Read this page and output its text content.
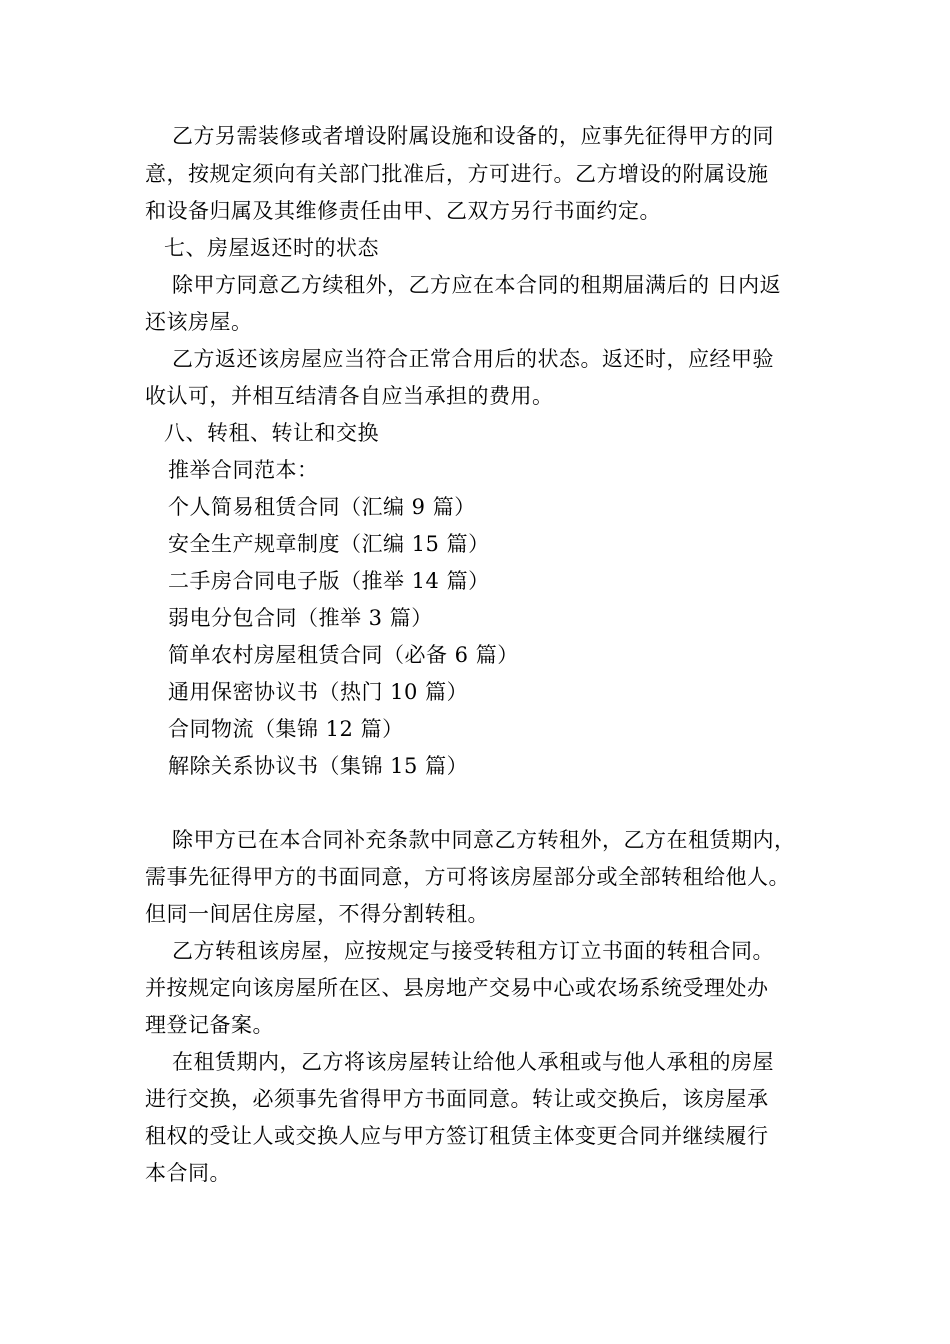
乙方另需装修或者增设附属设施和设备的，应事先征得甲方的同
意，按规定须向有关部门批准后，方可进行。乙方增设的附属设施
和设备归属及其维修责任由甲、乙双方另行书面约定。
七、房屋返还时的状态
除甲方同意乙方续租外，乙方应在本合同的租期届满后的 日内返
还该房屋。
乙方返还该房屋应当符合正常合用后的状态。返还时，应经甲验
收认可，并相互结清各自应当承担的费用。
八、转租、转让和交换
推举合同范本：
个人简易租赁合同（汇编 9 篇）
安全生产规章制度（汇编 15 篇）
二手房合同电子版（推举 14 篇）
弱电分包合同（推举 3 篇）
简单农村房屋租赁合同（必备 6 篇）
通用保密协议书（热门 10 篇）
合同物流（集锦 12 篇）
解除关系协议书（集锦 15 篇）
除甲方已在本合同补充条款中同意乙方转租外，乙方在租赁期内，
需事先征得甲方的书面同意，方可将该房屋部分或全部转租给他人。
但同一间居住房屋，不得分割转租。
乙方转租该房屋，应按规定与接受转租方订立书面的转租合同。
并按规定向该房屋所在区、县房地产交易中心或农场系统受理处办
理登记备案。
在租赁期内，乙方将该房屋转让给他人承租或与他人承租的房屋
进行交换，必须事先省得甲方书面同意。转让或交换后，该房屋承
租权的受让人或交换人应与甲方签订租赁主体变更合同并继续履行
本合同。
